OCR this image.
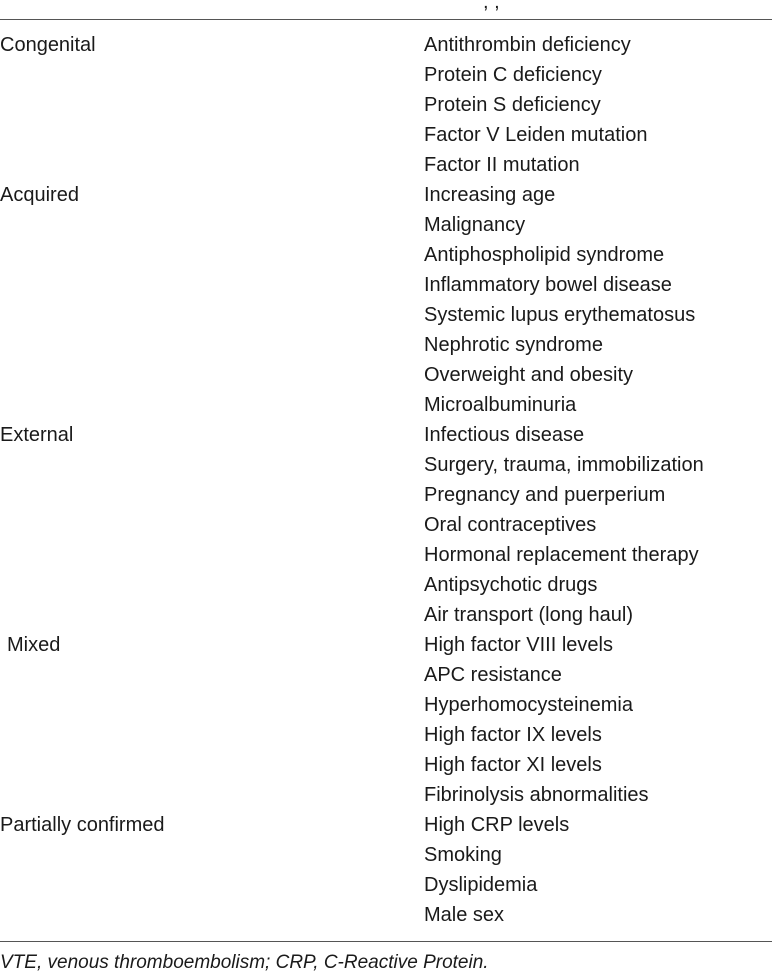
, ,
Congenital	Antithrombin deficiency
Protein C deficiency
Protein S deficiency
Factor V Leiden mutation
Factor II mutation
Acquired	Increasing age
Malignancy
Antiphospholipid syndrome
Inflammatory bowel disease
Systemic lupus erythematosus
Nephrotic syndrome
Overweight and obesity
Microalbuminuria
External	Infectious disease
Surgery, trauma, immobilization
Pregnancy and puerperium
Oral contraceptives
Hormonal replacement therapy
Antipsychotic drugs
Air transport (long haul)
Mixed	High factor VIII levels
APC resistance
Hyperhomocysteinemia
High factor IX levels
High factor XI levels
Fibrinolysis abnormalities
Partially confirmed	High CRP levels
Smoking
Dyslipidemia
Male sex
VTE, venous thromboembolism; CRP, C-Reactive Protein.
